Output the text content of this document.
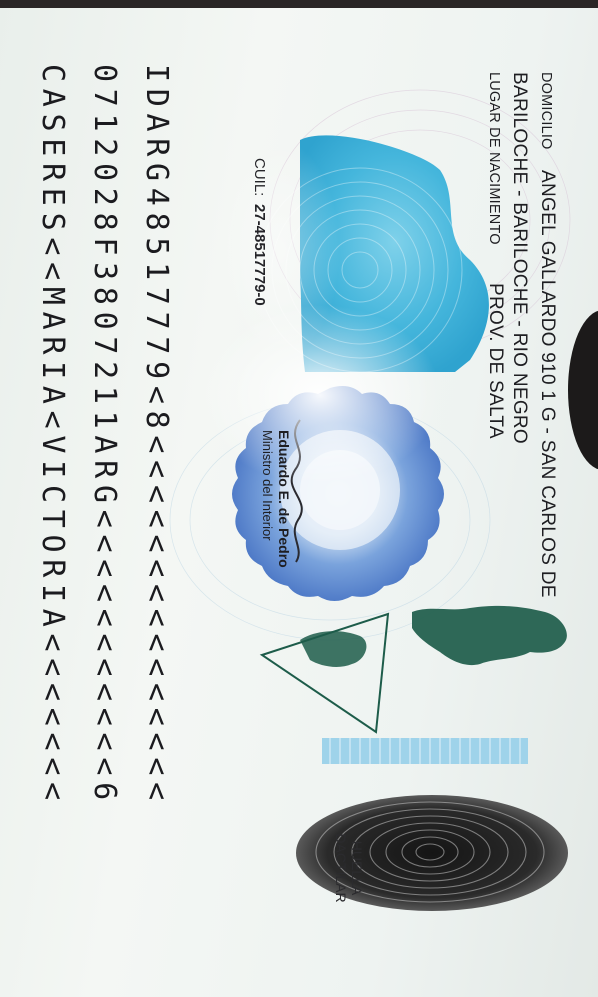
DOMICILIO
ANGEL GALLARDO 910 1 G - SAN CARLOS DE
BARILOCHE - BARILOCHE - RIO NEGRO
LUGAR DE NACIMIENTO
PROV. DE SALTA
CUIL:
27-48517779-0
Eduardo E. de Pedro
Ministro del Interior
HUELLA DACTILAR
IDARG48517779<8<<<<<<<<<<<<<<<
0712028F3807211ARG<<<<<<<<<<<6
CASERES<<MARIA<VICTORIA<<<<<<<
